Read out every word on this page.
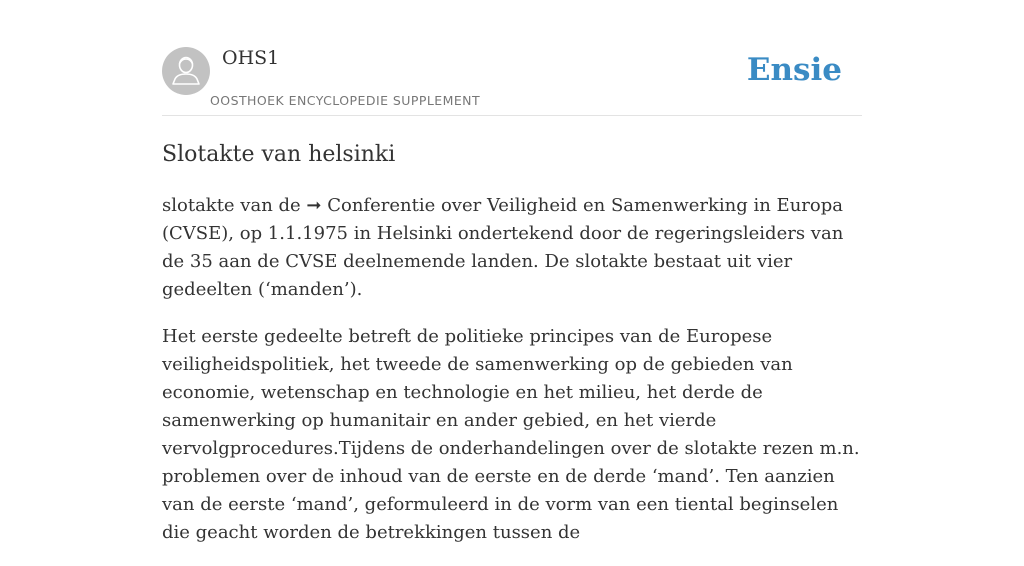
OHS1
OOSTHOEK ENCYCLOPEDIE SUPPLEMENT
Ensie
Slotakte van helsinki

slotakte van de ➞ Conferentie over Veiligheid en Samenwerking in Europa (CVSE), op 1.1.1975 in Helsinki ondertekend door de regeringsleiders van de 35 aan de CVSE deelnemende landen. De slotakte bestaat uit vier gedeelten (‘manden’).

Het eerste gedeelte betreft de politieke principes van de Europese veiligheidspolitiek, het tweede de samenwerking op de gebieden van economie, wetenschap en technologie en het milieu, het derde de samenwerking op humanitair en ander gebied, en het vierde vervolgprocedures.Tijdens de onderhandelingen over de slotakte rezen m.n. problemen over de inhoud van de eerste en de derde ‘mand’. Ten aanzien van de eerste ‘mand’, geformuleerd in de vorm van een tiental beginselen die geacht worden de betrekkingen tussen de
